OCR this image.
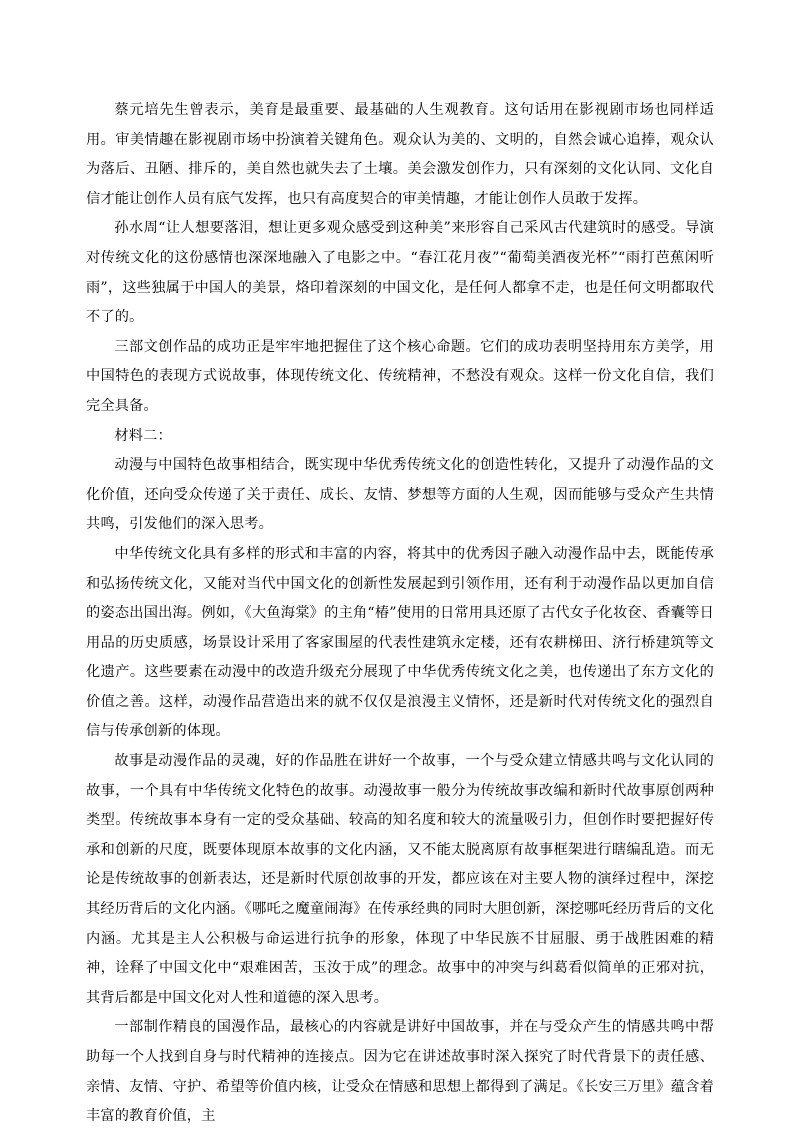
蔡元培先生曾表示，美育是最重要、最基础的人生观教育。这句话用在影视剧市场也同样适用。审美情趣在影视剧市场中扮演着关键角色。观众认为美的、文明的，自然会诚心追捧，观众认为落后、丑陋、排斥的，美自然也就失去了土壤。美会激发创作力，只有深刻的文化认同、文化自信才能让创作人员有底气发挥，也只有高度契合的审美情趣，才能让创作人员敢于发挥。

孙水周“让人想要落泪，想让更多观众感受到这种美”来形容自己采风古代建筑时的感受。导演对传统文化的这份感情也深深地融入了电影之中。“春江花月夜”“葡萄美酒夜光杯”“雨打芭蕉闲听雨”，这些独属于中国人的美景，烙印着深刻的中国文化，是任何人都拿不走，也是任何文明都取代不了的。

三部文创作品的成功正是牢牢地把握住了这个核心命题。它们的成功表明坚持用东方美学，用中国特色的表现方式说故事，体现传统文化、传统精神，不愁没有观众。这样一份文化自信，我们完全具备。

材料二：

动漫与中国特色故事相结合，既实现中华优秀传统文化的创造性转化，又提升了动漫作品的文化价值，还向受众传递了关于责任、成长、友情、梦想等方面的人生观，因而能够与受众产生共情共鸣，引发他们的深入思考。

中华传统文化具有多样的形式和丰富的内容，将其中的优秀因子融入动漫作品中去，既能传承和弘扬传统文化，又能对当代中国文化的创新性发展起到引领作用，还有利于动漫作品以更加自信的姿态出国出海。例如，《大鱼海棠》的主角“椿”使用的日常用具还原了古代女子化妆奁、香囊等日用品的历史质感，场景设计采用了客家围屋的代表性建筑永定楼，还有农耕梯田、济行桥建筑等文化遗产。这些要素在动漫中的改造升级充分展现了中华优秀传统文化之美，也传递出了东方文化的价值之善。这样，动漫作品营造出来的就不仅仅是浪漫主义情怀，还是新时代对传统文化的强烈自信与传承创新的体现。

故事是动漫作品的灵魂，好的作品胜在讲好一个故事，一个与受众建立情感共鸣与文化认同的故事，一个具有中华传统文化特色的故事。动漫故事一般分为传统故事改编和新时代故事原创两种类型。传统故事本身有一定的受众基础、较高的知名度和较大的流量吸引力，但创作时要把握好传承和创新的尺度，既要体现原本故事的文化内涵，又不能太脱离原有故事框架进行瞎编乱造。而无论是传统故事的创新表达，还是新时代原创故事的开发，都应该在对主要人物的演绎过程中，深挖其经历背后的文化内涵。《哪吒之魔童闹海》在传承经典的同时大胆创新，深挖哪吒经历背后的文化内涵。尤其是主人公积极与命运进行抗争的形象，体现了中华民族不甘屈服、勇于战胜困难的精神，诠释了中国文化中“艰难困苦，玉汝于成”的理念。故事中的冲突与纠葛看似简单的正邪对抗，其背后都是中国文化对人性和道德的深入思考。

一部制作精良的国漫作品，最核心的内容就是讲好中国故事，并在与受众产生的情感共鸣中帮助每一个人找到自身与时代精神的连接点。因为它在讲述故事时深入探究了时代背景下的责任感、亲情、友情、守护、希望等价值内核，让受众在情感和思想上都得到了满足。《长安三万里》蕴含着丰富的教育价值，主
